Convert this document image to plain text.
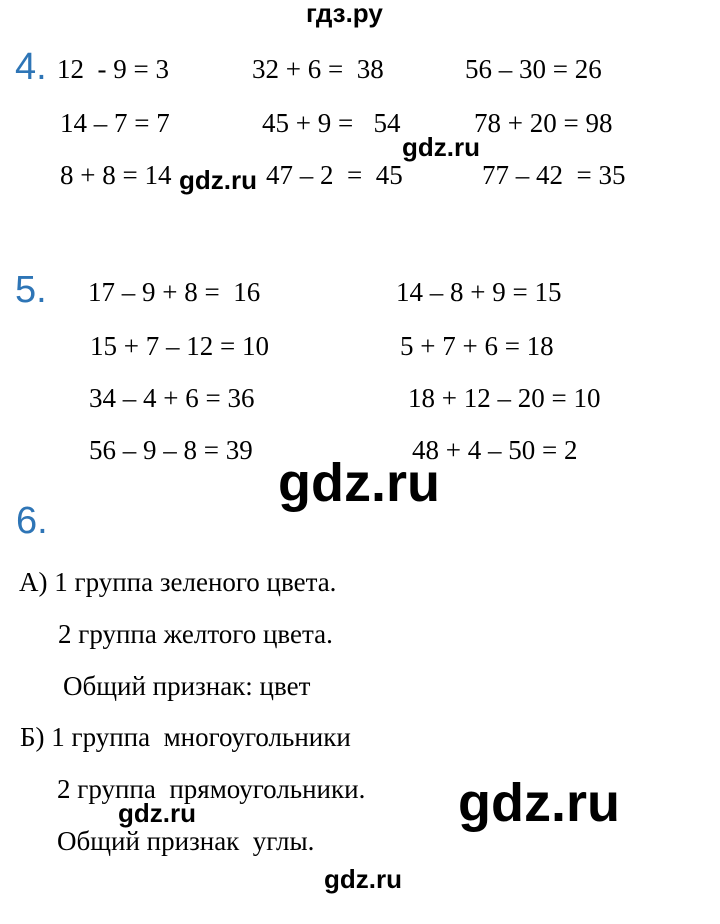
гдз.ру
4. 12  - 9 = 3	32 + 6 =  38	56 – 30 = 26
14 – 7 = 7	45 + 9 =   54	78 + 20 = 98
8 + 8 = 14	47 – 2  =  45	77 – 42  = 35
gdz.ru
gdz.ru
5. 17 – 9 + 8 =  16	14 – 8 + 9 = 15
15 + 7 – 12 = 10	5 + 7 + 6 = 18
34 – 4 + 6 = 36	18 + 12 – 20 = 10
56 – 9 – 8 = 39	48 + 4 – 50 = 2
gdz.ru
6.
А) 1 группа зеленого цвета.
2 группа желтого цвета.
Общий признак: цвет
Б) 1 группа  многоугольники
2 группа  прямоугольники.
Общий признак  углы.
gdz.ru	gdz.ru
gdz.ru
